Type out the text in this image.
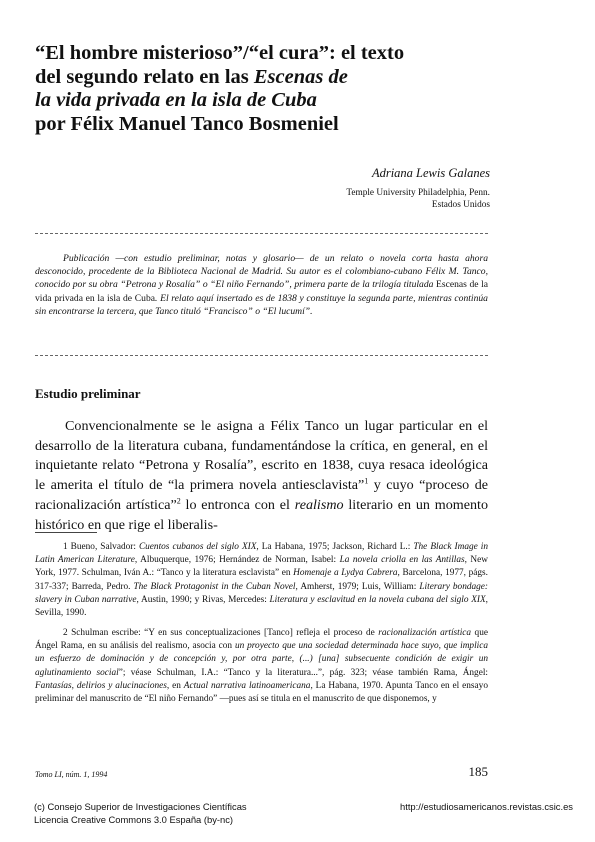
“El hombre misterioso”/“el cura”: el texto
del segundo relato en las Escenas de
la vida privada en la isla de Cuba
por Félix Manuel Tanco Bosmeniel
Adriana Lewis Galanes
Temple University Philadelphia, Penn.
Estados Unidos

Publicación —con estudio preliminar, notas y glosario— de un relato o novela corta hasta ahora desconocido, procedente de la Biblioteca Nacional de Madrid. Su autor es el colombiano-cubano Félix M. Tanco, conocido por su obra “Petrona y Rosalía” o “El niño Fernando”, primera parte de la trilogía titulada Escenas de la vida privada en la isla de Cuba. El relato aquí insertado es de 1838 y constituye la segunda parte, mientras continúa sin encontrarse la tercera, que Tanco tituló “Francisco” o “El lucumí”.

Estudio preliminar

Convencionalmente se le asigna a Félix Tanco un lugar particular en el desarrollo de la literatura cubana, fundamentándose la crítica, en general, en el inquietante relato “Petrona y Rosalía”, escrito en 1838, cuya resaca ideológica le amerita el título de “la primera novela antiesclavista”$^1$ y cuyo “proceso de racionalización artística”$^2$ lo entronca con el realismo literario en un momento histórico en que rige el liberalis-

1 Bueno, Salvador: Cuentos cubanos del siglo XIX, La Habana, 1975; Jackson, Richard L.: The Black Image in Latin American Literature, Albuquerque, 1976; Hernández de Norman, Isabel: La novela criolla en las Antillas, New York, 1977. Schulman, Iván A.: “Tanco y la literatura esclavista” en Homenaje a Lydya Cabrera, Barcelona, 1977, págs. 317-337; Barreda, Pedro. The Black Protagonist in the Cuban Novel, Amherst, 1979; Luis, William: Literary bondage: slavery in Cuban narrative, Austin, 1990; y Rivas, Mercedes: Literatura y esclavitud en la novela cubana del siglo XIX, Sevilla, 1990.

2 Schulman escribe: “Y en sus conceptualizaciones [Tanco] refleja el proceso de racionalización artística que Ángel Rama, en su análisis del realismo, asocia con un proyecto que una sociedad determinada hace suyo, que implica un esfuerzo de dominación y de concepción y, por otra parte, (...) [una] subsecuente condición de exigir un aglutinamiento social”; véase Schulman, I.A.: “Tanco y la literatura...”, pág. 323; véase también Rama, Ángel: Fantasías, delirios y alucinaciones, en Actual narrativa latinoamericana, La Habana, 1970. Apunta Tanco en el ensayo preliminar del manuscrito de “El niño Fernando” —pues así se titula en el manuscrito de que disponemos, y

Tomo LI, núm. 1, 1994	185
(c) Consejo Superior de Investigaciones Científicas
Licencia Creative Commons 3.0 España (by-nc)
http://estudiosamericanos.revistas.csic.es
